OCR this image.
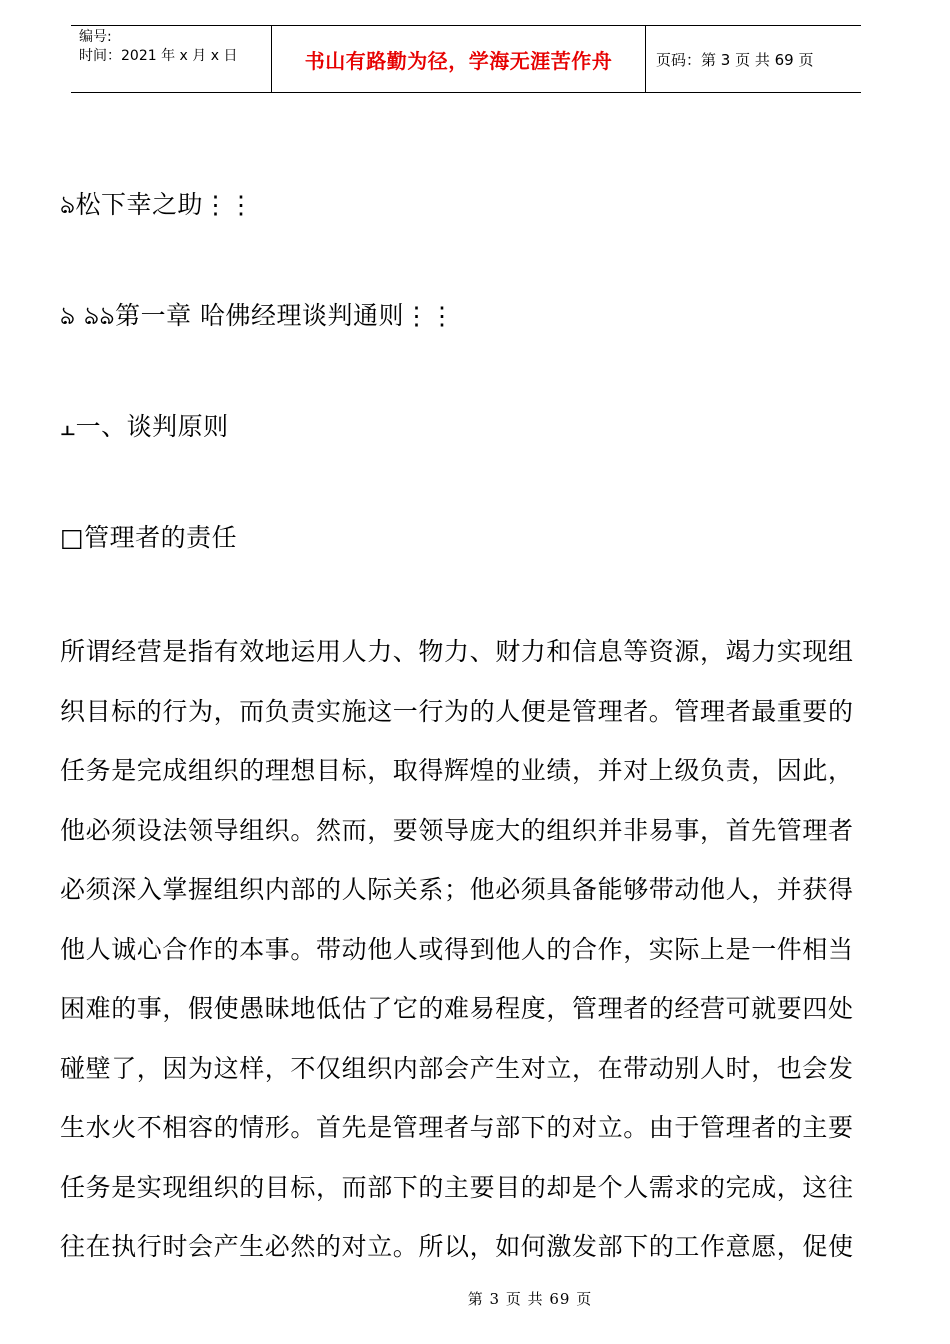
编号:
时间：2021 年 x 月 x 日	书山有路勤为径，学海无涯苦作舟	页码：第 3 页 共 69 页
ঌ松下幸之助⋮⋮
ঌ ঌঌ第一章 哈佛经理谈判通则⋮⋮
⫠一、谈判原则
□管理者的责任

所谓经营是指有效地运用人力、物力、财力和信息等资源，竭力实现组

织目标的行为，而负责实施这一行为的人便是管理者。管理者最重要的

任务是完成组织的理想目标，取得辉煌的业绩，并对上级负责，因此，

他必须设法领导组织。然而，要领导庞大的组织并非易事，首先管理者

必须深入掌握组织内部的人际关系；他必须具备能够带动他人，并获得

他人诚心合作的本事。带动他人或得到他人的合作，实际上是一件相当

困难的事，假使愚昧地低估了它的难易程度，管理者的经营可就要四处

碰壁了，因为这样，不仅组织内部会产生对立，在带动别人时，也会发

生水火不相容的情形。首先是管理者与部下的对立。由于管理者的主要

任务是实现组织的目标，而部下的主要目的却是个人需求的完成，这往

往在执行时会产生必然的对立。所以，如何激发部下的工作意愿，促使

第 3 页 共 69 页
